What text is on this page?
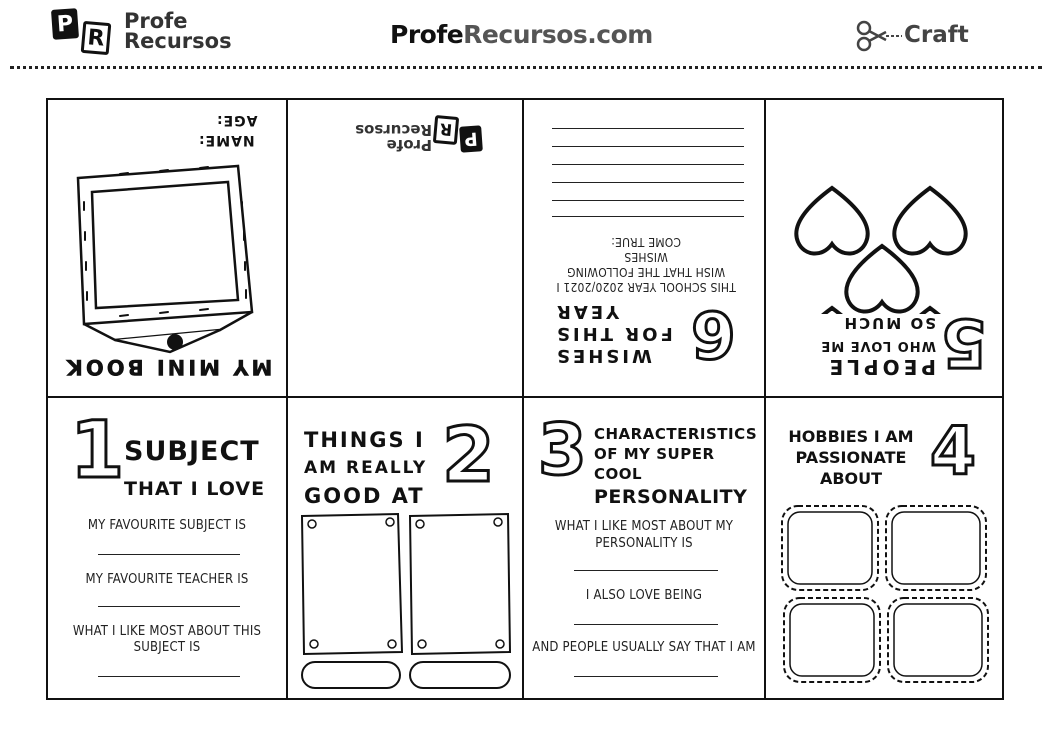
P
R
Profe
Recursos	ProfeRecursos.com	Craft
MY MINI BOOK
NAME:
AGE:
P
R
Profe
Recursos
THIS SCHOOL YEAR 2020/2021 I
WISH THAT THE FOLLOWING WISHES
COME TRUE:
WISHES
FOR THIS
YEAR	6	PEOPLE
WHO LOVE ME
SO MUCH 5
1
SUBJECT
THAT I LOVE
MY FAVOURITE SUBJECT IS
MY FAVOURITE TEACHER IS
WHAT I LIKE MOST ABOUT THIS
SUBJECT IS
THINGS I
AM REALLY
GOOD AT 2 3 CHARACTERISTICS
OF MY SUPER COOL
PERSONALITY
WHAT I LIKE MOST ABOUT MY
PERSONALITY IS
I ALSO LOVE BEING
AND PEOPLE USUALLY SAY THAT I AM
HOBBIES I AM
PASSIONATE
ABOUT 4
